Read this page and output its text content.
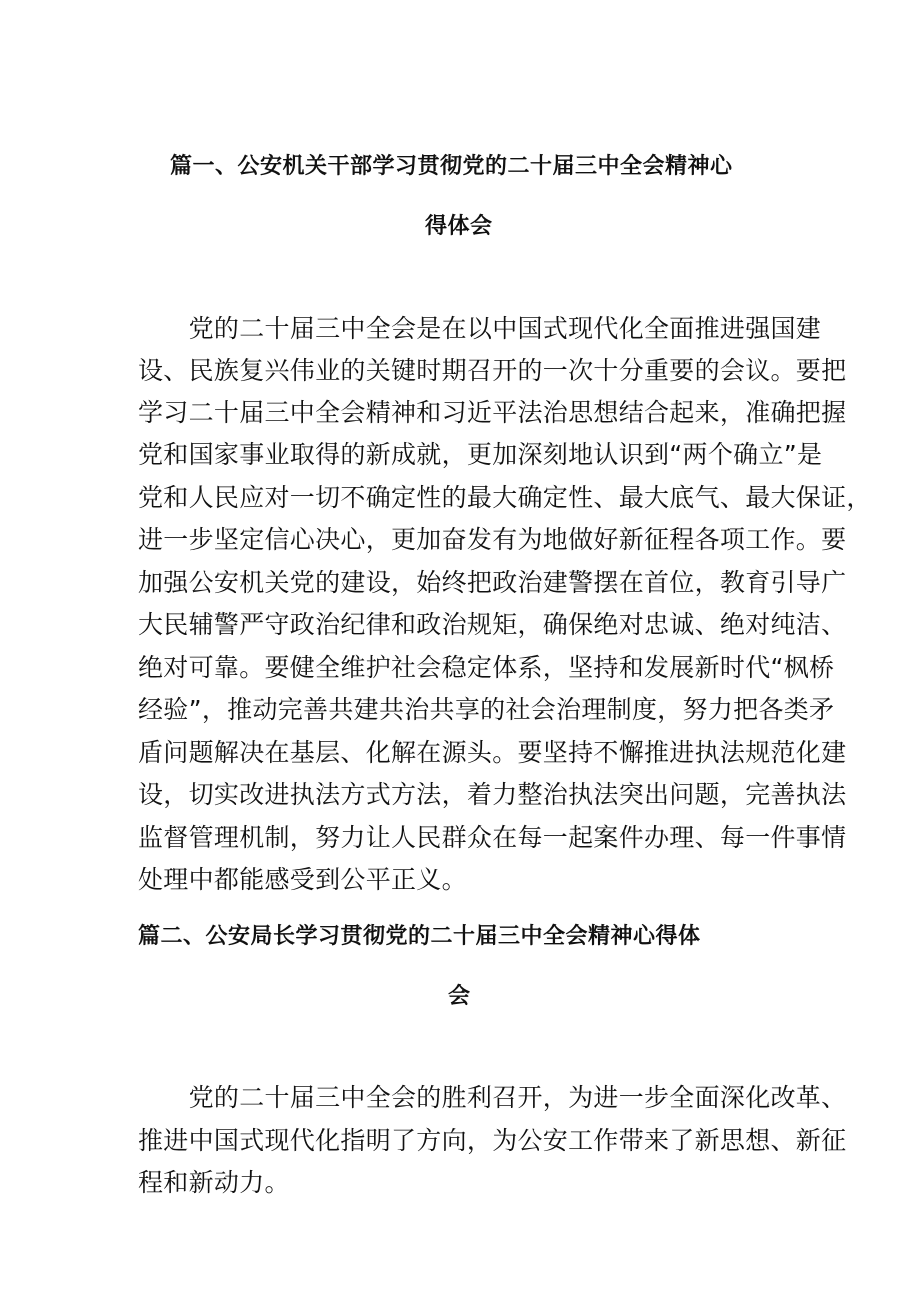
篇一、公安机关干部学习贯彻党的二十届三中全会精神心
得体会
　　党的二十届三中全会是在以中国式现代化全面推进强国建
设、民族复兴伟业的关键时期召开的一次十分重要的会议。要把
学习二十届三中全会精神和习近平法治思想结合起来，准确把握
党和国家事业取得的新成就，更加深刻地认识到“两个确立”是
党和人民应对一切不确定性的最大确定性、最大底气、最大保证，
进一步坚定信心决心，更加奋发有为地做好新征程各项工作。要
加强公安机关党的建设，始终把政治建警摆在首位，教育引导广
大民辅警严守政治纪律和政治规矩，确保绝对忠诚、绝对纯洁、
绝对可靠。要健全维护社会稳定体系，坚持和发展新时代“枫桥
经验”，推动完善共建共治共享的社会治理制度，努力把各类矛
盾问题解决在基层、化解在源头。要坚持不懈推进执法规范化建
设，切实改进执法方式方法，着力整治执法突出问题，完善执法
监督管理机制，努力让人民群众在每一起案件办理、每一件事情
处理中都能感受到公平正义。
篇二、公安局长学习贯彻党的二十届三中全会精神心得体
会
　　党的二十届三中全会的胜利召开，为进一步全面深化改革、
推进中国式现代化指明了方向，为公安工作带来了新思想、新征
程和新动力。
